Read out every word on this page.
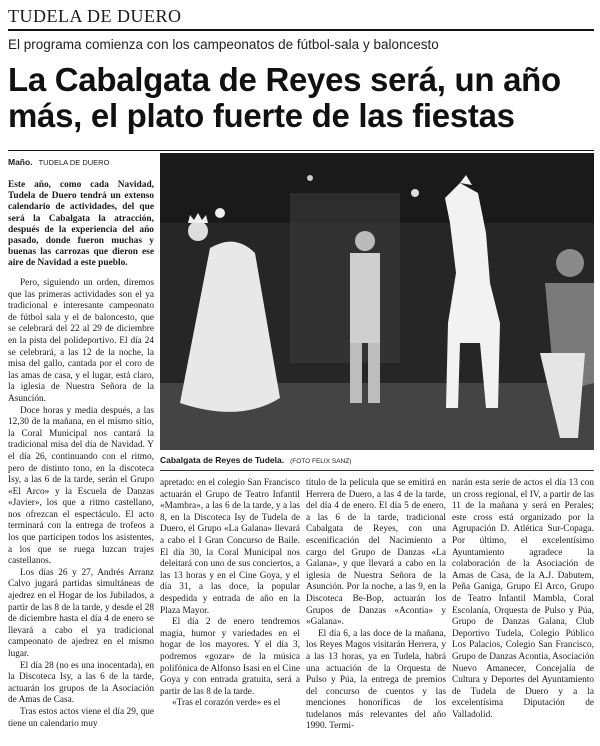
TUDELA DE DUERO
El programa comienza con los campeonatos de fútbol-sala y baloncesto
La Cabalgata de Reyes será, un año más, el plato fuerte de las fiestas
Maño. TUDELA DE DUERO
Este año, como cada Navidad, Tudela de Duero tendrá un extenso calendario de actividades, del que será la Cabalgata la atracción, después de la experiencia del año pasado, donde fueron muchas y buenas las carrozas que dieron ese aire de Navidad a este pueblo.
Cabalgata de Reyes de Tudela. (FOTO FELIX SANZ)

Pero, siguiendo un orden, diremos que las primeras actividades son el ya tradicional e interesante campeonato de fútbol sala y el de baloncesto, que se celebrará del 22 al 29 de diciembre en la pista del polideportivo. El día 24 se celebrará, a las 12 de la noche, la misa del gallo, cantada por el coro de las amas de casa, y el lugar, está claro, la iglesia de Nuestra Señora de la Asunción.

Doce horas y media después, a las 12,30 de la mañana, en el mismo sitio, la Coral Municipal nos cantará la tradicional misa del día de Navidad. Y el día 26, continuando con el ritmo, pero de distinto tono, en la discoteca Isy, a las 6 de la tarde, serán el Grupo «El Arco» y la Escuela de Danzas «Javier», los que a ritmo castellano, nos ofrezcan el espectáculo. El acto terminará con la entrega de trofeos a los que participen todos los asistentes, a los que se ruega luzcan trajes castellanos.

Los días 26 y 27, Andrés Arranz Calvo jugará partidas simultáneas de ajedrez en el Hogar de los Jubilados, a partir de las 8 de la tarde, y desde el 28 de diciembre hasta el día 4 de enero se llevará a cabo el ya tradicional campeonato de ajedrez en el mismo lugar.

El día 28 (no es una inocentada), en la Discoteca Isy, a las 6 de la tarde, actuarán los grupos de la Asociación de Amas de Casa.

Tras estos actos viene el día 29, que tiene un calendario muy

apretado: en el colegio San Francisco actuarán el Grupo de Teatro Infantil «Mambra», a las 6 de la tarde, y a las 8, en la Discoteca Isy de Tudela de Duero, el Grupo «La Galana» llevará a cabo el I Gran Concurso de Baile. El día 30, la Coral Municipal nos deleitará con uno de sus conciertos, a las 13 horas y en el Cine Goya, y el día 31, a las doce, la popular despedida y entrada de año en la Plaza Mayor.

El día 2 de enero tendremos magia, humor y variedades en el hogar de los mayores. Y el día 3, podremos «gozar» de la música polifónica de Alfonso Isasi en el Cine Goya y con entrada gratuita, será a partir de las 8 de la tarde.

«Tras el corazón verde» es el

título de la película que se emitirá en Herrera de Duero, a las 4 de la tarde, del día 4 de enero. El día 5 de enero, a las 6 de la tarde, tradicional Cabalgata de Reyes, con una escenificación del Nacimiento a cargo del Grupo de Danzas «La Galana», y que llevará a cabo en la iglesia de Nuestra Señora de la Asunción. Por la noche, a las 9, en la Discoteca Be-Bop, actuarán los Grupos de Danzas «Acontia» y «Galana».

El día 6, a las doce de la mañana, los Reyes Magos visitarán Herrera, y a las 13 horas, ya en Tudela, habrá una actuación de la Orquesta de Pulso y Púa, la entrega de premios del concurso de cuentos y las menciones honoríficas de los tudelanos más relevantes del año 1990. Termi-

narán esta serie de actos el día 13 con un cross regional, el IV, a partir de las 11 de la mañana y será en Perales; este cross está organizado por la Agrupación D. Atlética Sur-Copaga. Por último, el excelentísimo Ayuntamiento agradece la colaboración de la Asociación de Amas de Casa, de la A.J. Dabutem, Peña Ganiga, Grupo El Arco, Grupo de Teatro Infantil Mambla, Coral Escolanía, Orquesta de Pulso y Púa, Grupo de Danzas Galana, Club Deportivo Tudela, Colegio Público Los Palacios, Colegio San Francisco, Grupo de Danzas Acontia, Asociación Nuevo Amanecer, Concejalía de Cultura y Deportes del Ayuntamiento de Tudela de Duero y a la excelentísima Diputación de Valladolid.
